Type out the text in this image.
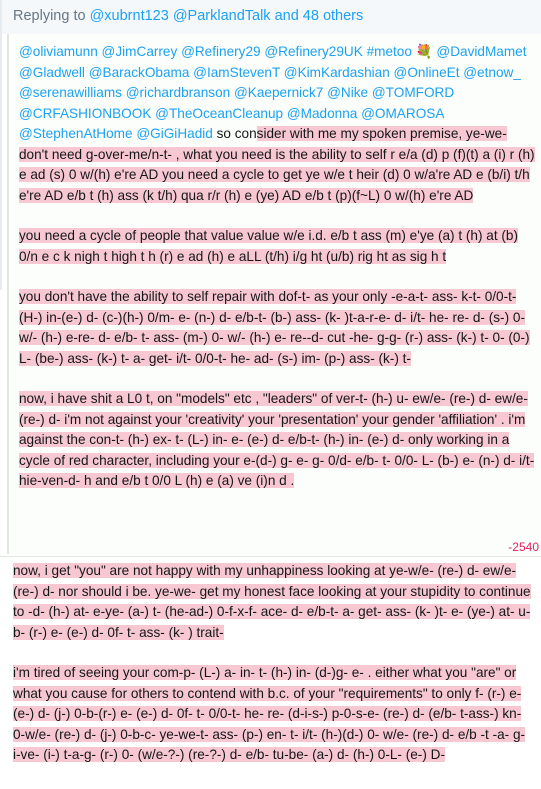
Replying to @xubrnt123 @ParklandTalk and 48 others

@oliviamunn @JimCarrey @Refinery29 @Refinery29UK #metoo 💐 @DavidMamet @Gladwell @BarackObama @IamStevenT @KimKardashian @OnlineEt @etnow_ @serenawilliams @richardbranson @Kaepernick7 @Nike @TOMFORD @CRFASHIONBOOK @TheOceanCleanup @Madonna @OMAROSA @StephenAtHome @GiGiHadid so consider with me my spoken premise, ye-we- don't need g-over-me/n-t- , what you need is the ability to self r e/a (d) p (f)(t) a (i) r (h) e ad (s) 0 w/(h) e're AD you need a cycle to get ye w/e t heir (d) 0 w/a're AD e (b/i) t/h e're AD e/b t (h) ass (k t/h) qua r/r (h) e (ye) AD e/b t (p)(f~L) 0 w/(h) e're AD

you need a cycle of people that value value w/e i.d. e/b t ass (m) e'ye (a) t (h) at (b) 0/n e c k nigh t high t h (r) e ad (h) e aLL (t/h) i/g ht (u/b) rig ht as sig h t

you don't have the ability to self repair with dof-t- as your only -e-a-t- ass- k-t- 0/0-t- (H-) in-(e-) d- (c-)(h-) 0/m- e- (n-) d- e/b-t- (b-) ass- (k- )t-a-r-e- d- i/t- he- re- d- (s-) 0- w/- (h-) e-re- d- e/b- t- ass- (m-) 0- w/- (h-) e- re--d- cut -he- g-g- (r-) ass- (k-) t- 0- (0-) L- (be-) ass- (k-) t- a- get- i/t- 0/0-t- he- ad- (s-) im- (p-) ass- (k-) t-

now, i have shit a L0 t, on "models" etc , "leaders" of ver-t- (h-) u- ew/e- (re-) d- ew/e- (re-) d- i'm not against your 'creativity' your 'presentation' your gender 'affiliation' . i'm against the con-t- (h-) ex- t- (L-) in- e- (e-) d- e/b-t- (h-) in- (e-) d- only working in a cycle of red character, including your e-(d-) g- e- g- 0/d- e/b- t- 0/0- L- (b-) e- (n-) d- i/t- hie-ven-d- h and e/b t 0/0 L (h) e (a) ve (i)n d .

-2540

now, i get "you" are not happy with my unhappiness looking at ye-w/e- (re-) d- ew/e- (re-) d- nor should i be. ye-we- get my honest face looking at your stupidity to continue to -d- (h-) at- e-ye- (a-) t- (he-ad-) 0-f-x-f- ace- d- e/b-t- a- get- ass- (k- )t- e- (ye-) at- u-b- (r-) e- (e-) d- 0f- t- ass- (k- ) trait-

i'm tired of seeing your com-p- (L-) a- in- t- (h-) in- (d-)g- e- . either what you "are" or what you cause for others to contend with b.c. of your "requirements" to only f- (r-) e- (e-) d- (j-) 0-b-(r-) e- (e-) d- 0f- t- 0/0-t- he- re- (d-i-s-) p-0-s-e- (re-) d- (e/b- t-ass-) kn- 0-w/e- (re-) d- (j-) 0-b-c- ye-we-t- ass- (p-) en- t- i/t- (h-)(d-) 0- w/e- (re-) d- e/b -t -a- g- i-ve- (i-) t-a-g- (r-) 0- (w/e-?-) (re-?-) d- e/b- tu-be- (a-) d- (h-) 0-L- (e-) D-
